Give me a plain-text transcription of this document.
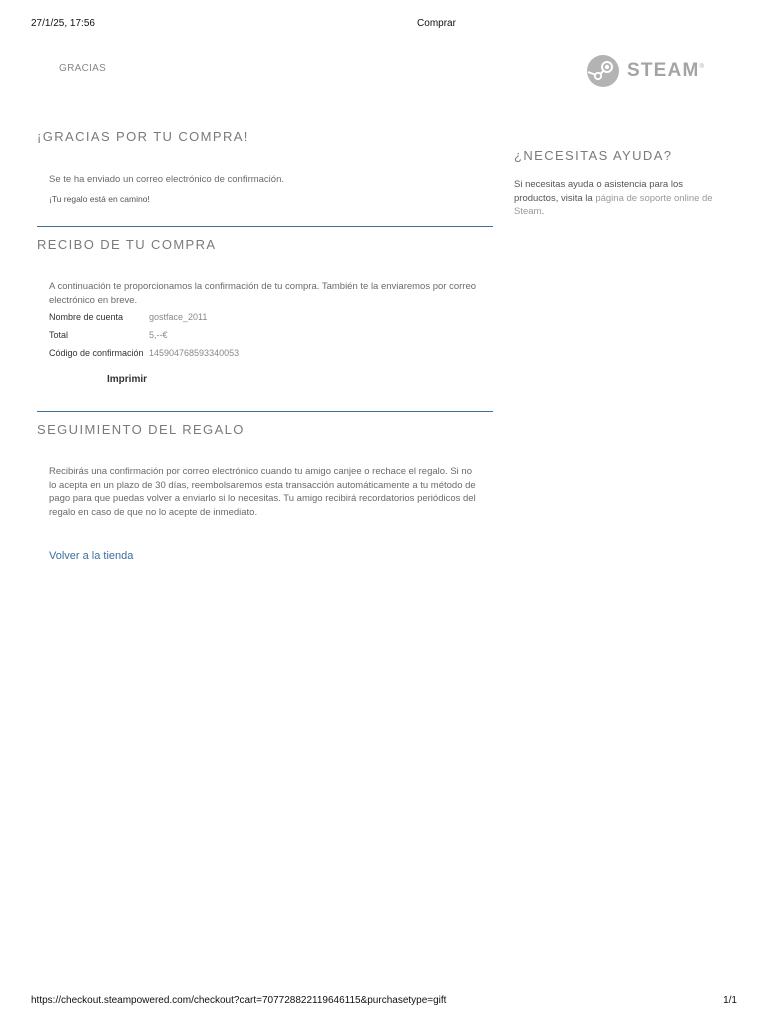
27/1/25, 17:56	Comprar
GRACIAS	STEAM®
¡GRACIAS POR TU COMPRA!
Se te ha enviado un correo electrónico de confirmación.
¡Tu regalo está en camino!
RECIBO DE TU COMPRA
A continuación te proporcionamos la confirmación de tu compra. También te la enviaremos por correo electrónico en breve.
Nombre de cuenta	gostface_2011
Total	5,--€
Código de confirmación 145904768593340053
Imprimir
SEGUIMIENTO DEL REGALO
Recibirás una confirmación por correo electrónico cuando tu amigo canjee o rechace el regalo. Si no lo acepta en un plazo de 30 días, reembolsaremos esta transacción automáticamente a tu método de pago para que puedas volver a enviarlo si lo necesitas. Tu amigo recibirá recordatorios periódicos del regalo en caso de que no lo acepte de inmediato.
Volver a la tienda
¿NECESITAS AYUDA?
Si necesitas ayuda o asistencia para los productos, visita la página de soporte online de Steam.
https://checkout.steampowered.com/checkout?cart=707728822119646115&purchasetype=gift	1/1
